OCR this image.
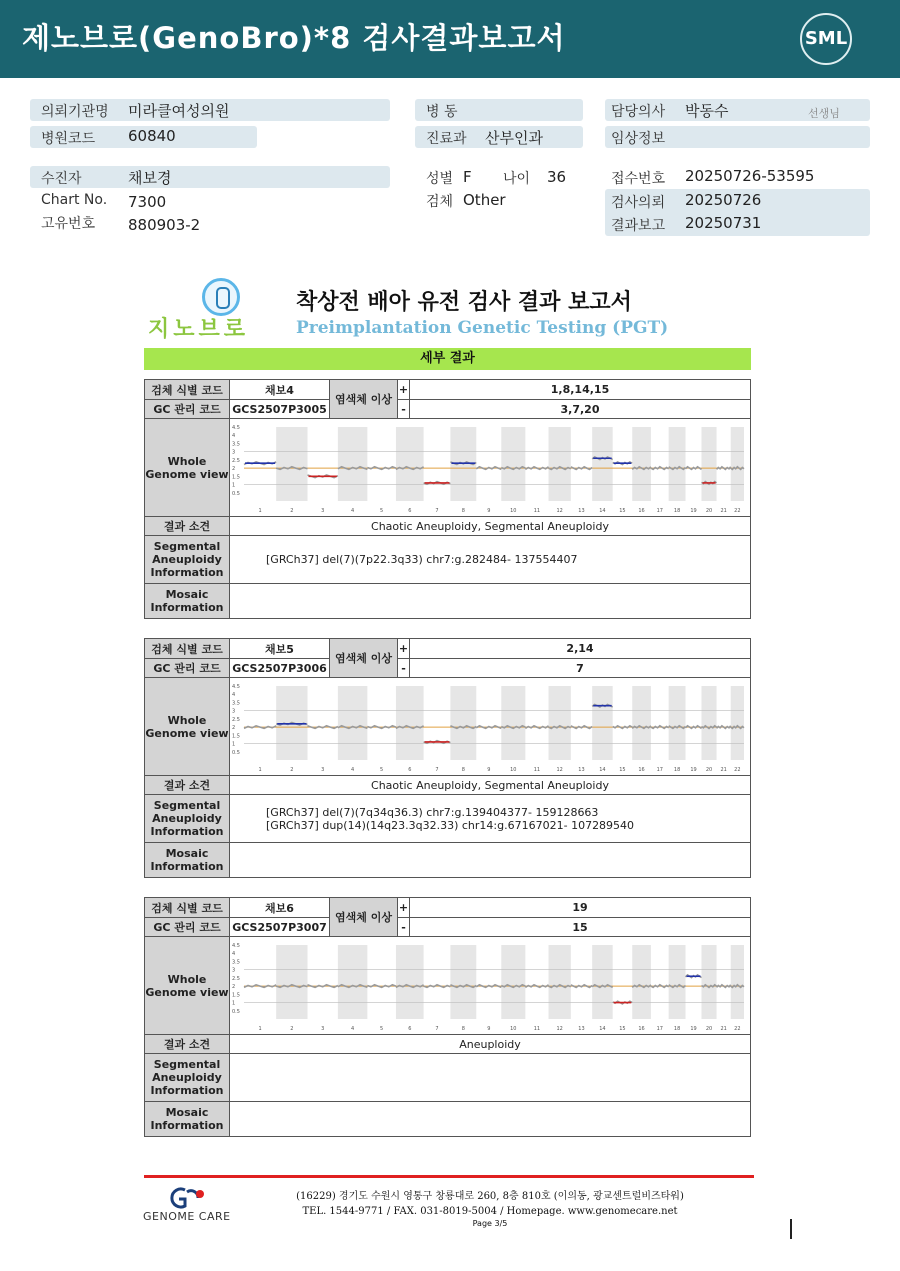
제노브로(GenoBro)*8 검사결과보고서	SML
의뢰기관명 미라클여성의원
병원코드 60840
병 동
진료과 산부인과
담당의사 박동수	선생님
임상정보
수진자	채보경
Chart No. 7300
고유번호 880903-2
성별 F 나이 36
검체 Other
접수번호 20250726-53595
검사의뢰 20250726
결과보고 20250731
지노브로
착상전 배아 유전 검사 결과 보고서
Preimplantation Genetic Testing (PGT)
세부 결과
검체 식별 코드	채보4	+	1,8,14,15
GC 관리 코드	GCS2507P3005	-	3,7,20
염색체 이상
Whole Genome view
4.5
4
3.5
3
2.5
2
1.5
1
0.5
1	2	3	4	5	6	7	8	9	10	11	12	13	14	15	16 17 18 19 20 21 22
결과 소견	Chaotic Aneuploidy, Segmental Aneuploidy
Segmental Aneuploidy Information
[GRCh37] del(7)(7p22.3q33) chr7:g.282484- 137554407
Mosaic Information
검체 식별 코드	채보5	+	2,14
GC 관리 코드	GCS2507P3006	-	7
염색체 이상
Whole Genome view
4.5
4
3.5
3
2.5
2
1.5
1
0.5
1	2	3	4	5	6	7	8	9	10	11	12	13	14	15	16 17 18 19 20 21 22
결과 소견	Chaotic Aneuploidy, Segmental Aneuploidy
Segmental Aneuploidy Information
[GRCh37] del(7)(7q34q36.3) chr7:g.139404377- 159128663
[GRCh37] dup(14)(14q23.3q32.33) chr14:g.67167021- 107289540
Mosaic Information
검체 식별 코드	채보6	+	19
GC 관리 코드	GCS2507P3007	-	15
염색체 이상
Whole Genome view
4.5
4
3.5
3
2.5
2
1.5
1
0.5
1	2	3	4	5	6	7	8	9	10	11	12	13	14	15	16 17 18 19 20 21 22
결과 소견	Aneuploidy
Segmental Aneuploidy Information
Mosaic Information
GENOME CARE
(16229) 경기도 수원시 영통구 창룡대로 260, 8층 810호 (이의동, 광교센트럴비즈타워)
TEL. 1544-9771 / FAX. 031-8019-5004 / Homepage. www.genomecare.net
Page 3/5
